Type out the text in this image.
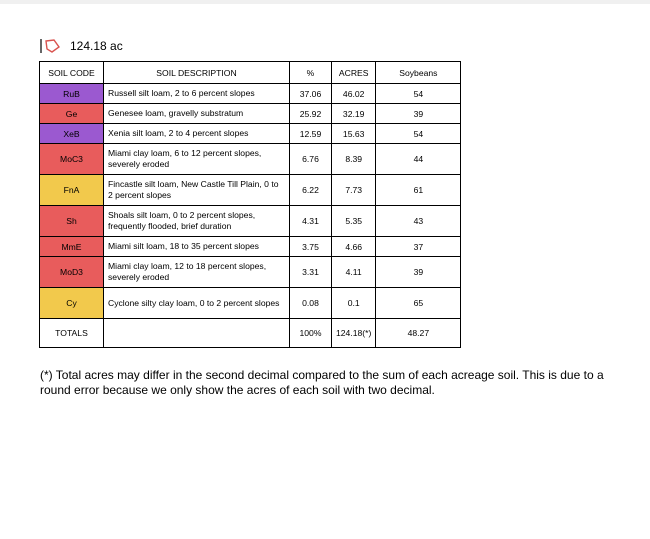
124.18 ac
SOIL CODE	SOIL DESCRIPTION	%	ACRES	Soybeans
RuB	Russell silt loam, 2 to 6 percent slopes	37.06	46.02	54
Ge	Genesee loam, gravelly substratum	25.92	32.19	39
XeB	Xenia silt loam, 2 to 4 percent slopes	12.59	15.63	54
MoC3	Miami clay loam, 6 to 12 percent slopes, severely eroded	6.76	8.39	44
FnA	Fincastle silt loam, New Castle Till Plain, 0 to 2 percent slopes	6.22	7.73	61
Sh	Shoals silt loam, 0 to 2 percent slopes, frequently flooded, brief duration	4.31	5.35	43
MmE	Miami silt loam, 18 to 35 percent slopes	3.75	4.66	37
MoD3	Miami clay loam, 12 to 18 percent slopes, severely eroded	3.31	4.11	39
Cy	Cyclone silty clay loam, 0 to 2 percent slopes	0.08	0.1	65
TOTALS		100%	124.18(*)	48.27
(*) Total acres may differ in the second decimal compared to the sum of each acreage soil. This is due to a round error because we only show the acres of each soil with two decimal.
